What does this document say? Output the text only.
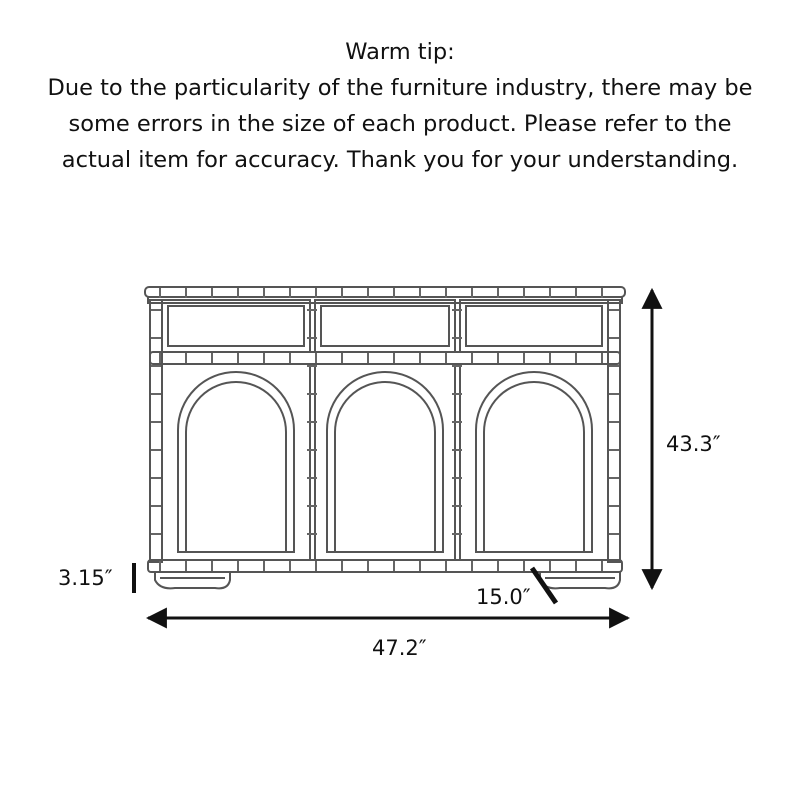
Warm tip:
Due to the particularity of the furniture industry, there may be
some errors in the size of each product. Please refer to the
actual item for accuracy. Thank you for your understanding.
43.3″
47.2″
15.0″
3.15″
